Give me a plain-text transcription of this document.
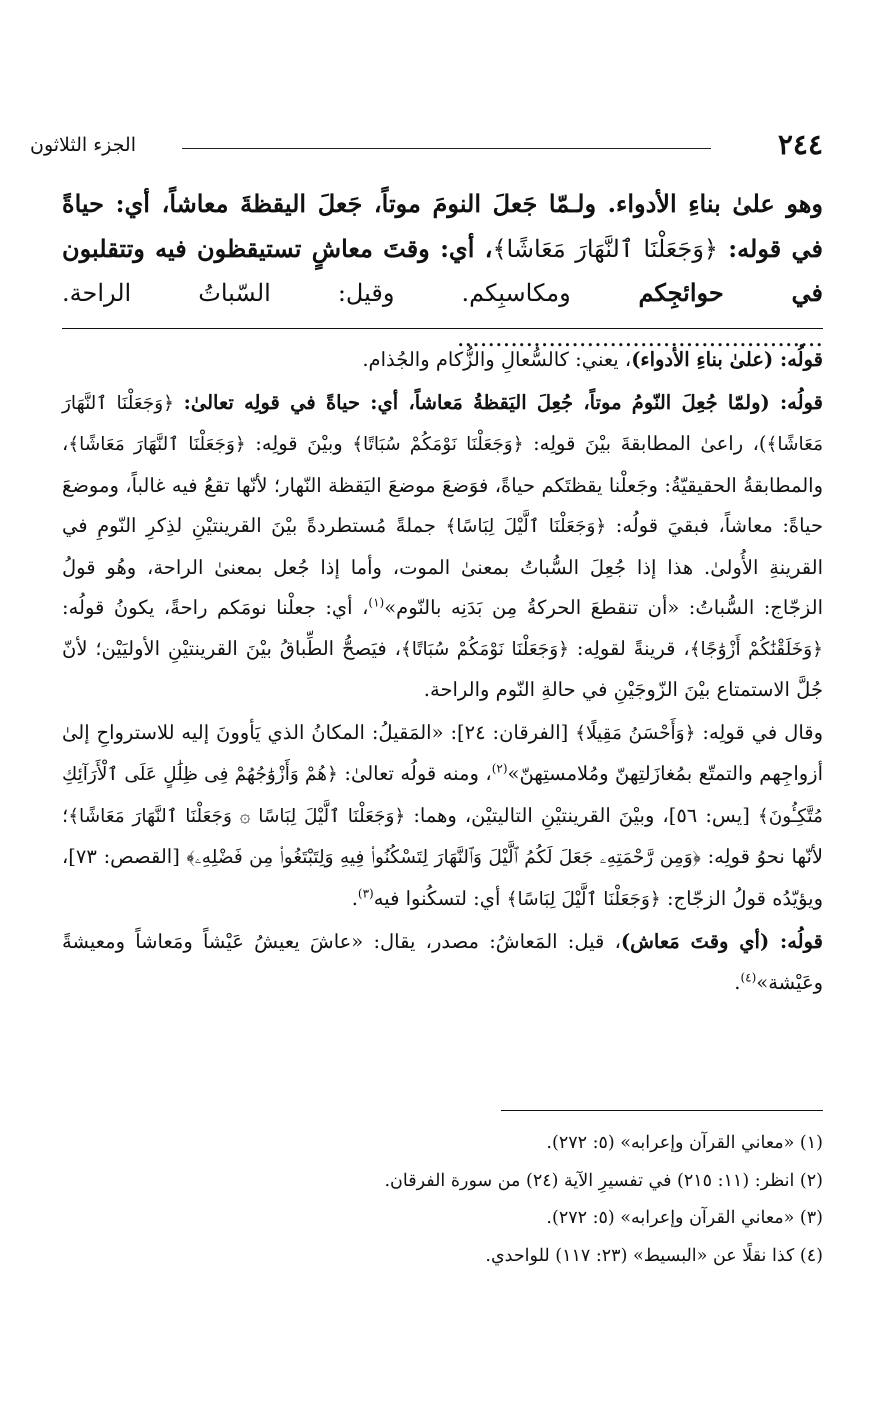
٢٤٤
الجزء الثلاثون
وهو علىٰ بناءِ الأدواء. ولـمّا جَعلَ النومَ موتاً، جَعلَ اليقظةَ معاشاً، أي: حياةً في قوله: ﴿وَجَعَلْنَا ٱلنَّهَارَ مَعَاشًا﴾، أي: وقتَ معاشٍ تستيقظون فيه وتتقلبون في حوائجِكم ومكاسبِكم. وقيل: السّباتُ الراحة. ................................................

قولُه: (علىٰ بناءِ الأدواء)، يعني: كالسُّعالِ والزُّكام والجُذام.

قولُه: (ولمّا جُعِلَ النّومُ موتاً، جُعِلَ اليَقظةُ مَعاشاً، أي: حياةً في قولِه تعالىٰ: ﴿وَجَعَلْنَا ٱلنَّهَارَ مَعَاشًا﴾)، راعىٰ المطابقةَ بيْنَ قولِه: ﴿وَجَعَلْنَا نَوْمَكُمْ سُبَاتًا﴾ وبيْنَ قولِه: ﴿وَجَعَلْنَا ٱلنَّهَارَ مَعَاشًا﴾، والمطابقةُ الحقيقيّةُ: وجَعلْنا يقظتَكم حياةً، فوَضعَ موضعَ اليَقظة النّهار؛ لأنّها تقعُ فيه غالباً، وموضعَ حياةً: معاشاً، فبقيَ قولُه: ﴿وَجَعَلْنَا ٱلَّيْلَ لِبَاسًا﴾ جملةً مُستطردةً بيْنَ القرينتيْنِ لذِكرِ النّومِ في القرينةِ الأُولىٰ. هذا إذا جُعِلَ السُّباتُ بمعنىٰ الموت، وأما إذا جُعل بمعنىٰ الراحة، وهُو قولُ الزجّاج: السُّباتُ: «أن تنقطعَ الحركةُ مِن بَدَنِه بالنّوم»$^{(١)}$، أي: جعلْنا نومَكم راحةً، يكونُ قولُه: ﴿وَخَلَقْنَٰكُمْ أَزْوَٰجًا﴾، قرينةً لقولِه: ﴿وَجَعَلْنَا نَوْمَكُمْ سُبَاتًا﴾، فيَصحُّ الطِّباقُ بيْنَ القرينتيْنِ الأوليَيْن؛ لأنّ جُلَّ الاستمتاع بيْنَ الزّوجَيْنِ في حالةِ النّوم والراحة.

وقال في قولِه: ﴿وَأَحْسَنُ مَقِيلًا﴾ [الفرقان: ٢٤]: «المَقيلُ: المكانُ الذي يَأوونَ إليه للاسترواحِ إلىٰ أزواجِهم والتمتّع بمُغازَلتِهنّ ومُلامستِهنّ»$^{(٢)}$، ومنه قولُه تعالىٰ: ﴿هُمْ وَأَزْوَٰجُهُمْ فِى ظِلَٰلٍ عَلَى ٱلْأَرَآئِكِ مُتَّكِـُٔونَ﴾ [يس: ٥٦]، وبيْنَ القرينتيْنِ التاليتيْن، وهما: ﴿وَجَعَلْنَا ٱلَّيْلَ لِبَاسًا ۞ وَجَعَلْنَا ٱلنَّهَارَ مَعَاشًا﴾؛ لأنّها نحوُ قولِه: ﴿وَمِن رَّحْمَتِهِۦ جَعَلَ لَكُمُ ٱلَّيْلَ وَٱلنَّهَارَ لِتَسْكُنُوا۟ فِيهِ وَلِتَبْتَغُوا۟ مِن فَضْلِهِۦ﴾ [القصص: ٧٣]، ويؤيّدُه قولُ الزجّاج: ﴿وَجَعَلْنَا ٱلَّيْلَ لِبَاسًا﴾ أي: لتسكُنوا فيه$^{(٣)}$.

قولُه: (أي وقتَ مَعاش)، قيل: المَعاشُ: مصدر، يقال: «عاشَ يعيشُ عَيْشاً ومَعاشاً ومعيشةً وعَيْشة»$^{(٤)}$.

(١) «معاني القرآن وإعرابه» (٥: ٢٧٢).
(٢) انظر: (١١: ٢١٥) في تفسيرِ الآية (٢٤) من سورة الفرقان.
(٣) «معاني القرآن وإعرابه» (٥: ٢٧٢).
(٤) كذا نقلًا عن «البسيط» (٢٣: ١١٧) للواحدي.
